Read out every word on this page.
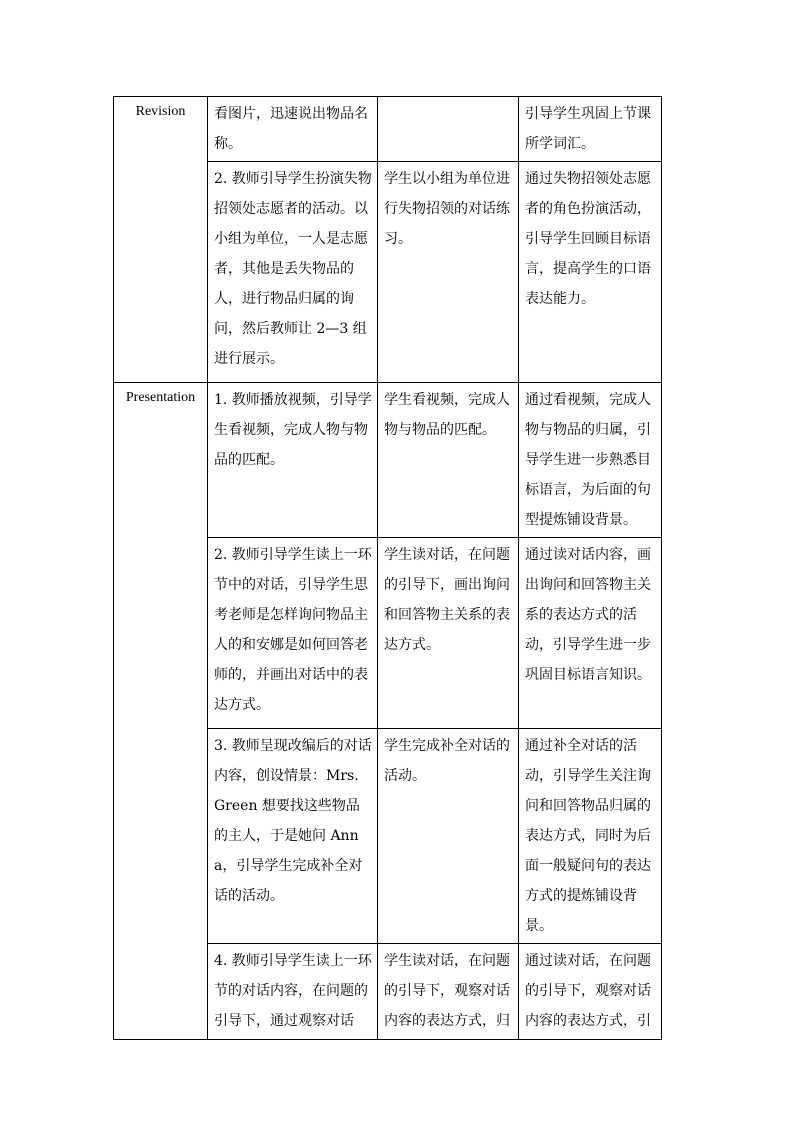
Revision	看图片，迅速说出物品名称。		引导学生巩固上节课所学词汇。

	2. 教师引导学生扮演失物招领处志愿者的活动。以小组为单位，一人是志愿者，其他是丢失物品的人，进行物品归属的询问，然后教师让 2—3 组进行展示。	学生以小组为单位进行失物招领的对话练习。	通过失物招领处志愿者的角色扮演活动，引导学生回顾目标语言，提高学生的口语表达能力。

Presentation	1. 教师播放视频，引导学生看视频，完成人物与物品的匹配。	学生看视频，完成人物与物品的匹配。	通过看视频，完成人物与物品的归属，引导学生进一步熟悉目标语言，为后面的句型提炼铺设背景。

	2. 教师引导学生读上一环节中的对话，引导学生思考老师是怎样询问物品主人的和安娜是如何回答老师的，并画出对话中的表达方式。	学生读对话，在问题的引导下，画出询问和回答物主关系的表达方式。	通过读对话内容，画出询问和回答物主关系的表达方式的活动，引导学生进一步巩固目标语言知识。

	3. 教师呈现改编后的对话内容，创设情景：Mrs. Green 想要找这些物品的主人，于是她问 Anna，引导学生完成补全对话的活动。	学生完成补全对话的活动。	通过补全对话的活动，引导学生关注询问和回答物品归属的表达方式，同时为后面一般疑问句的表达方式的提炼铺设背景。

	4. 教师引导学生读上一环节的对话内容，在问题的引导下，通过观察对话	学生读对话，在问题的引导下，观察对话内容的表达方式，归	通过读对话，在问题的引导下，观察对话内容的表达方式，引
